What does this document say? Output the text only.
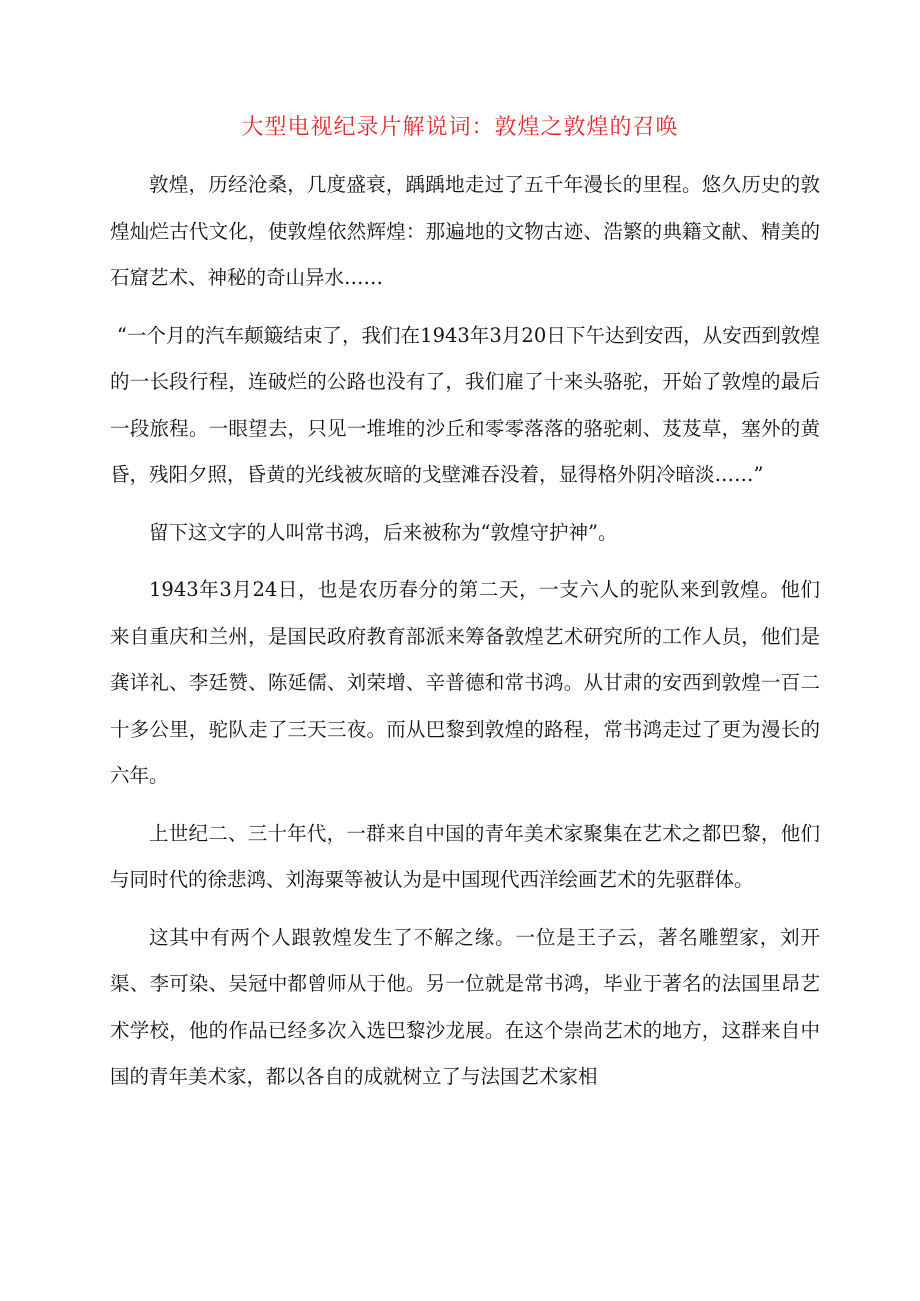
大型电视纪录片解说词：敦煌之敦煌的召唤

敦煌，历经沧桑，几度盛衰，踽踽地走过了五千年漫长的里程。悠久历史的敦煌灿烂古代文化，使敦煌依然辉煌：那遍地的文物古迹、浩繁的典籍文献、精美的石窟艺术、神秘的奇山异水……

“一个月的汽车颠簸结束了，我们在1943年3月20日下午达到安西，从安西到敦煌的一长段行程，连破烂的公路也没有了，我们雇了十来头骆驼，开始了敦煌的最后一段旅程。一眼望去，只见一堆堆的沙丘和零零落落的骆驼刺、芨芨草，塞外的黄昏，残阳夕照，昏黄的光线被灰暗的戈壁滩吞没着，显得格外阴冷暗淡……”

留下这文字的人叫常书鸿，后来被称为“敦煌守护神”。

1943年3月24日，也是农历春分的第二天，一支六人的驼队来到敦煌。他们来自重庆和兰州，是国民政府教育部派来筹备敦煌艺术研究所的工作人员，他们是龚详礼、李廷赞、陈延儒、刘荣增、辛普德和常书鸿。从甘肃的安西到敦煌一百二十多公里，驼队走了三天三夜。而从巴黎到敦煌的路程，常书鸿走过了更为漫长的六年。

上世纪二、三十年代，一群来自中国的青年美术家聚集在艺术之都巴黎，他们与同时代的徐悲鸿、刘海粟等被认为是中国现代西洋绘画艺术的先驱群体。

这其中有两个人跟敦煌发生了不解之缘。一位是王子云，著名雕塑家，刘开渠、李可染、吴冠中都曾师从于他。另一位就是常书鸿，毕业于著名的法国里昂艺术学校，他的作品已经多次入选巴黎沙龙展。在这个崇尚艺术的地方，这群来自中国的青年美术家，都以各自的成就树立了与法国艺术家相
